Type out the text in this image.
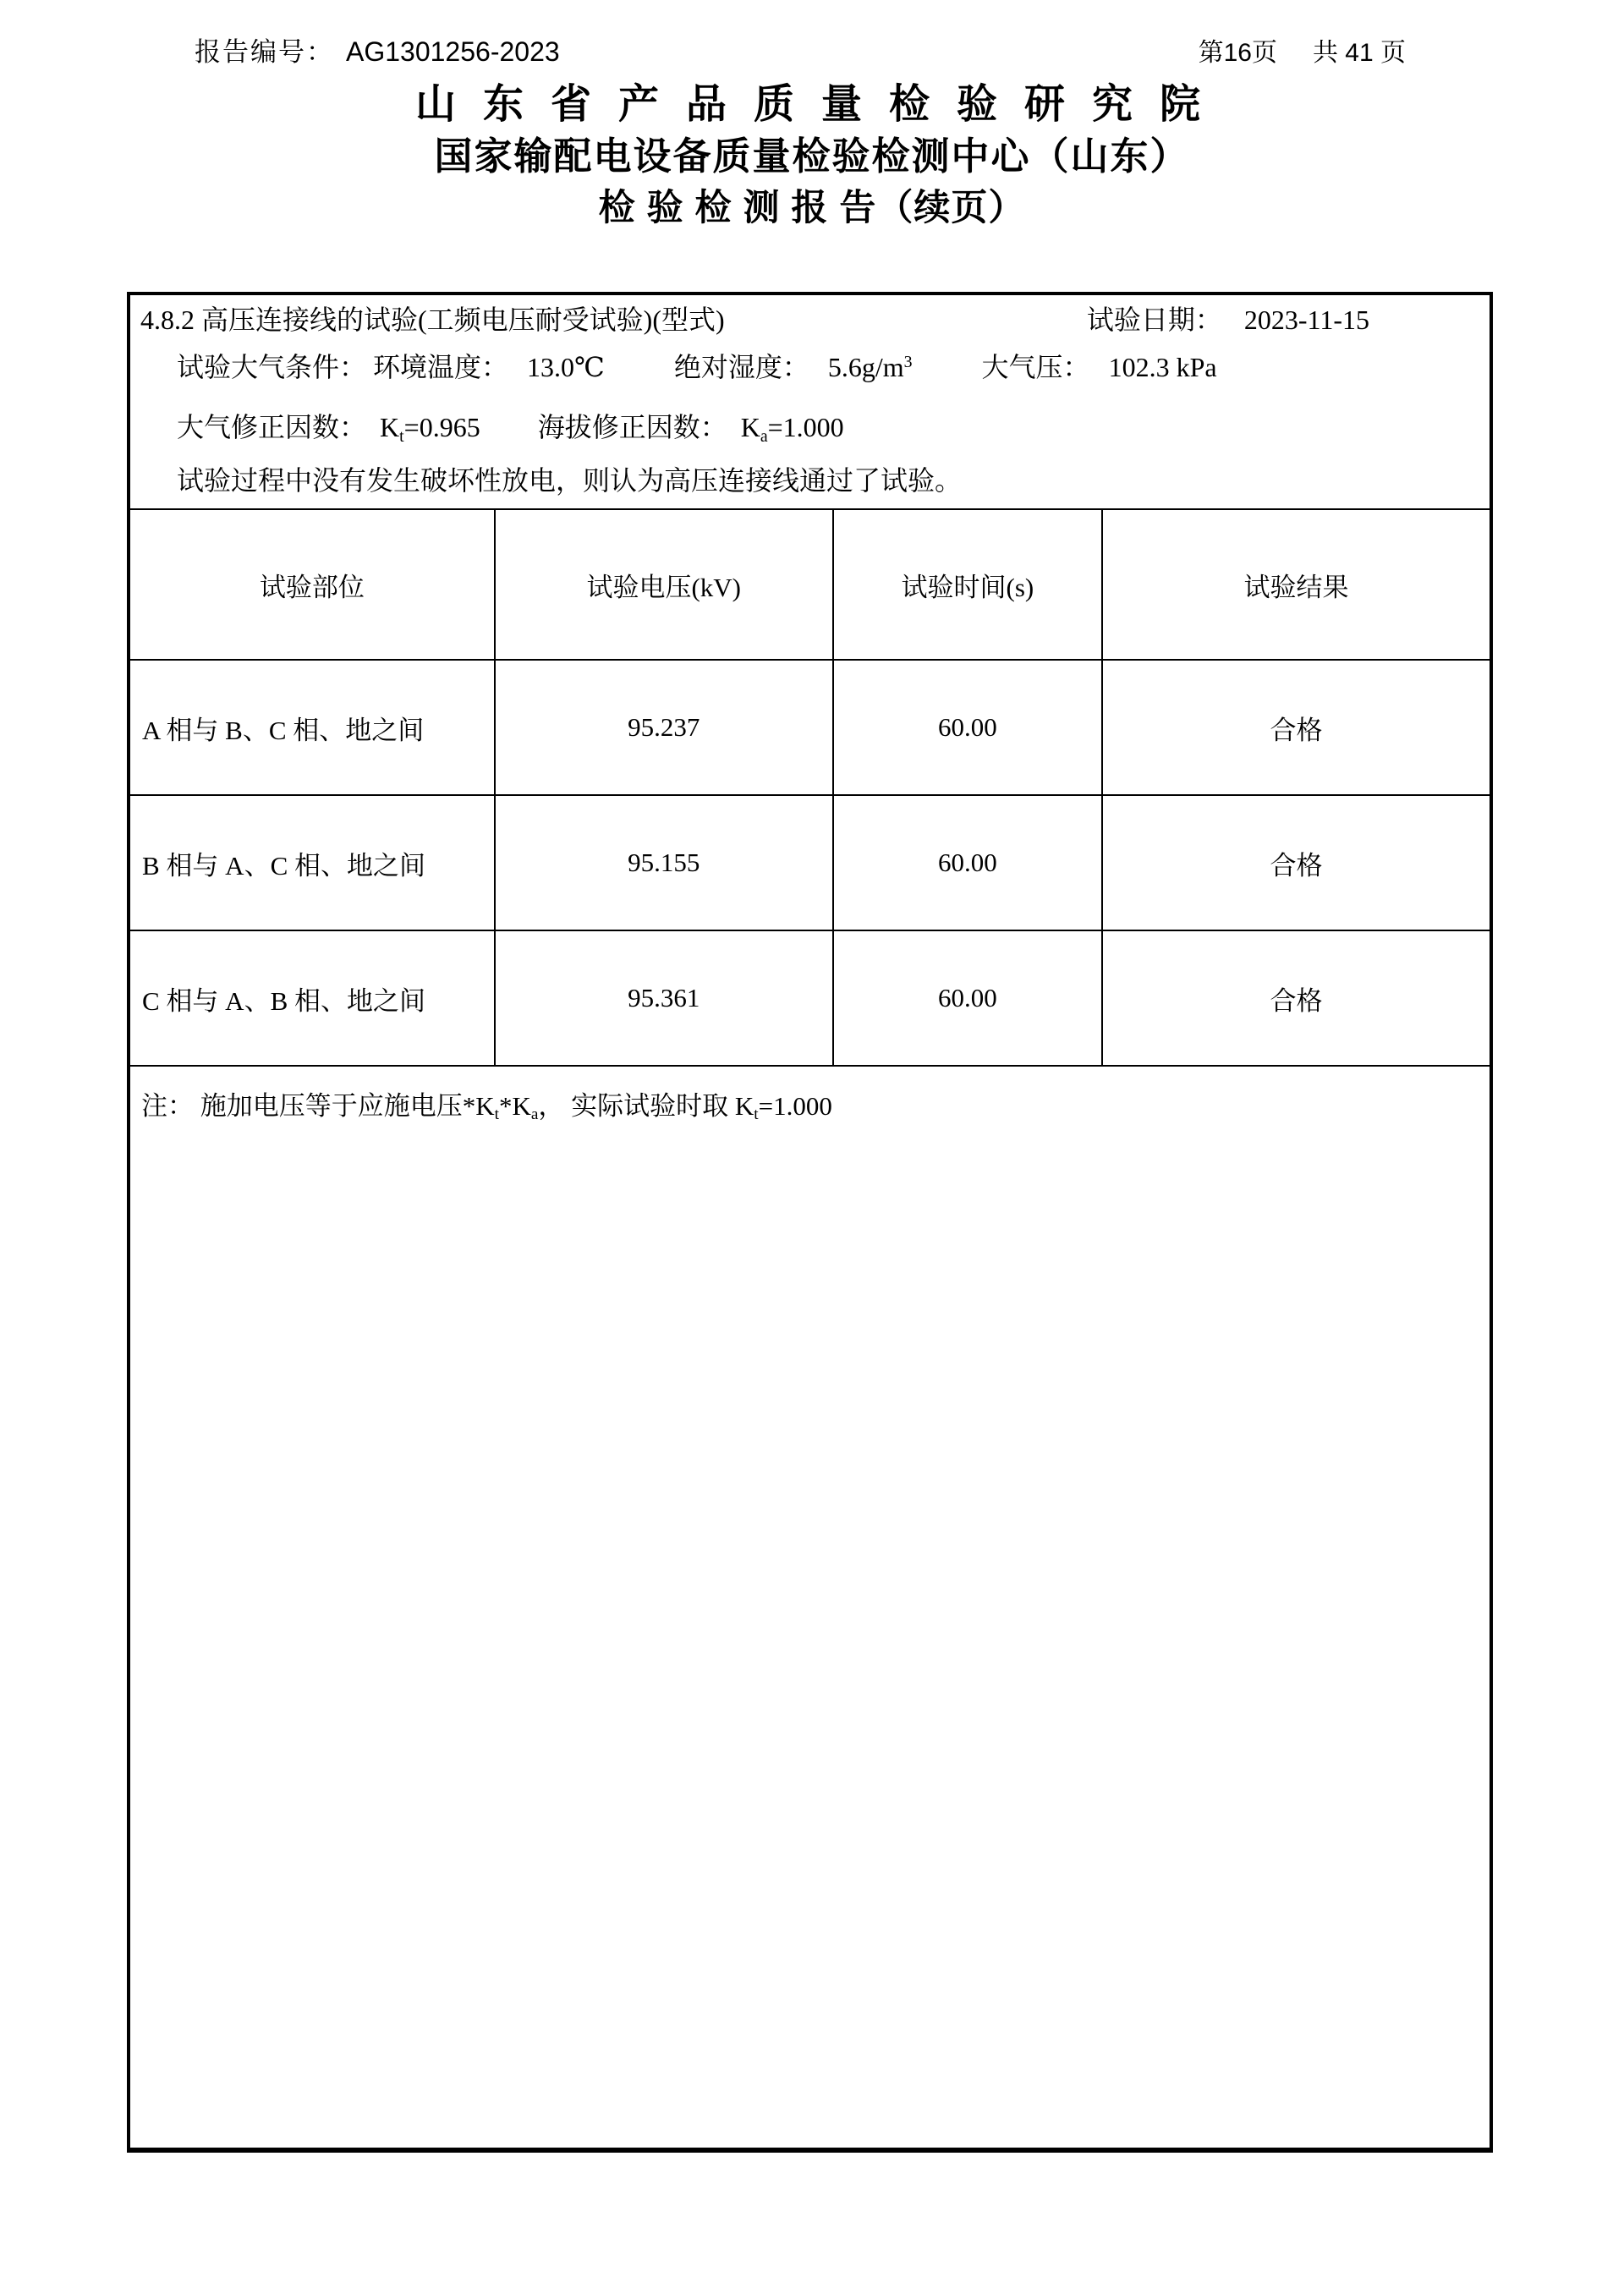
报告编号： AG1301256-2023	第16页 共 41 页
山 东 省 产 品 质 量 检 验 研 究 院
国家输配电设备质量检验检测中心（山东）
检 验 检 测 报 告（续页）
4.8.2 高压连接线的试验(工频电压耐受试验)(型式)	试验日期： 2023-11-15
试验大气条件： 环境温度： 13.0℃	绝对湿度： $5.6g/m^3$	大气压： 102.3 kPa
大气修正因数： $K_t=0.965$ 海拔修正因数： $K_a=1.000$
试验过程中没有发生破坏性放电，则认为高压连接线通过了试验。
试验部位	试验电压(kV)	试验时间(s)	试验结果
A 相与 B、C 相、地之间	95.237	60.00	合格
B 相与 A、C 相、地之间	95.155	60.00	合格
C 相与 A、B 相、地之间	95.361	60.00	合格
注： 施加电压等于应施电压$*K_t*K_a$， 实际试验时取 $K_t=1.000$
